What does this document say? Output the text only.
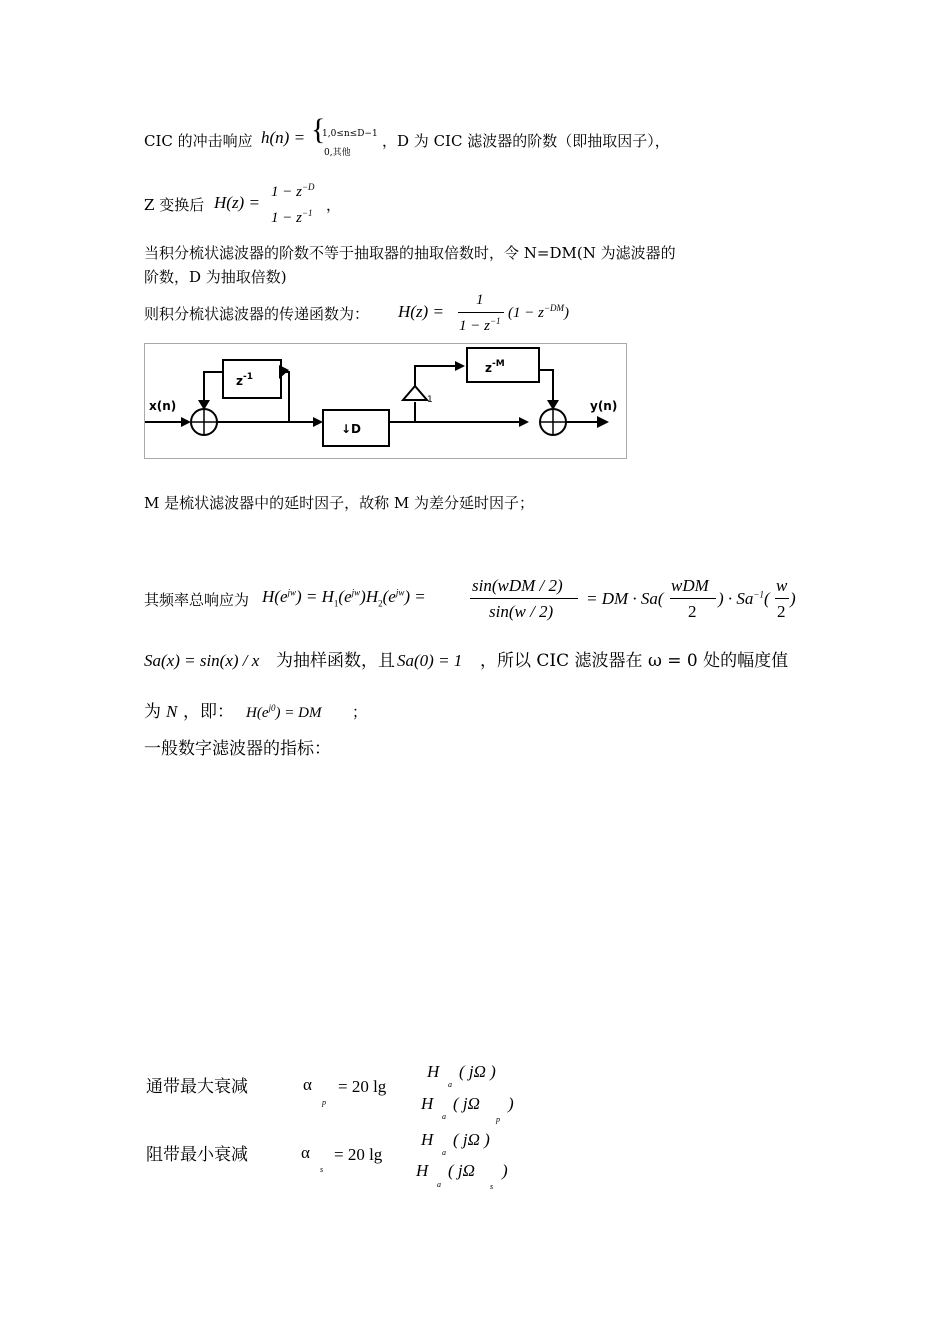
CIC 的冲击响应 h(n) = {
1,0≤n≤D−1
0,其他
，D 为 CIC 滤波器的阶数（即抽取因子），
Z 变换后 H(z) =
$1 - z^{-D}$
$1 - z^{-1}$ ，
当积分梳状滤波器的阶数不等于抽取器的抽取倍数时，令 N=DM(N 为滤波器的
阶数，D 为抽取倍数)
则积分梳状滤波器的传递函数为： H(z) =
1
$1 - z^{-1}$ $(1 - z^{-DM})$
x(n)
$z^{-1}$
↓D
1
$z^{-M}$
y(n)
M 是梳状滤波器中的延时因子，故称 M 为差分延时因子；
其频率总响应为 $H(e^{jw}) = H_1(e^{jw})H_2(e^{jw})$ =
sin(wDM / 2)
sin(w / 2)
= DM · Sa(
wDM
2
) · $Sa^{-1}$(
w
2
)
Sa(x) = sin(x) / x 为抽样函数，且 Sa(0) = 1 ，所以 CIC 滤波器在 ω = 0 处的幅度值
为 N ，即： $H(e^{j0})$ = DM ；
一般数字滤波器的指标：
通带最大衰减	α
p
= 20 lg
H
a
( jΩ )
H
a
( jΩ
p
)
阻带最小衰减	α
s
= 20 lg
H
a
( jΩ )
H
a
( jΩ
s
)
